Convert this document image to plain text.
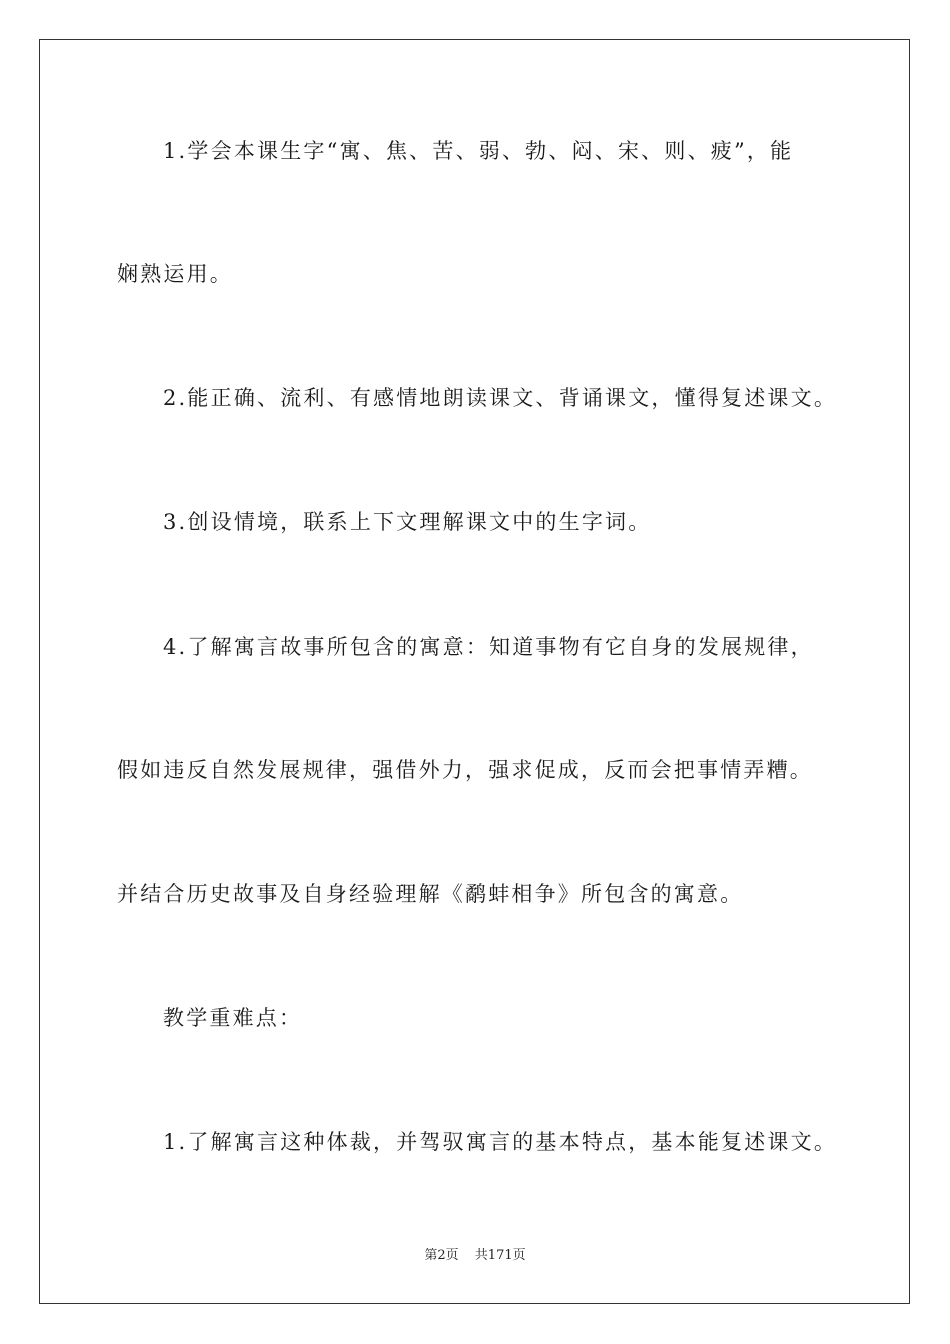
1.学会本课生字“寓、焦、苦、弱、勃、闷、宋、则、疲”，能
娴熟运用。
2.能正确、流利、有感情地朗读课文、背诵课文，懂得复述课文。
3.创设情境，联系上下文理解课文中的生字词。
4.了解寓言故事所包含的寓意：知道事物有它自身的发展规律，
假如违反自然发展规律，强借外力，强求促成，反而会把事情弄糟。
并结合历史故事及自身经验理解《鹬蚌相争》所包含的寓意。
教学重难点：
1.了解寓言这种体裁，并驾驭寓言的基本特点，基本能复述课文。
第2页 共171页
